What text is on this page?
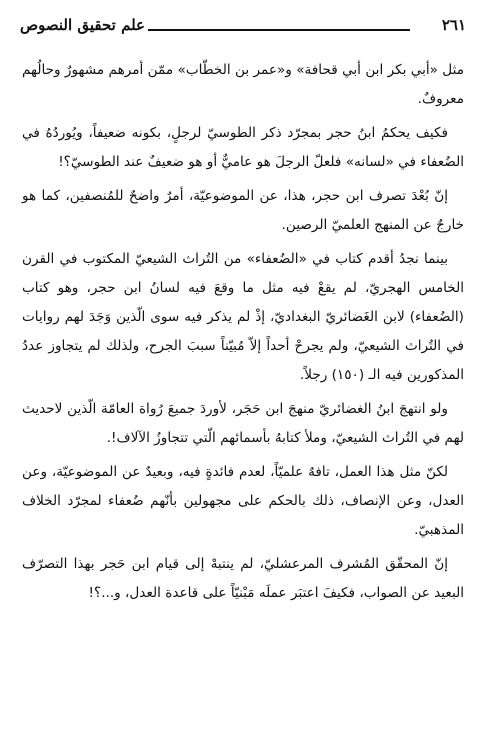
علم تحقيق النصوص	٢٦١

مثل «أبي بكر ابن أبي قحافة» و«عمر بن الخطّاب» ممّن أمرهم مشهورٌ وحالُهم معروفٌ.

فكيف يحكمُ ابنُ حجر بمجرّد ذكر الطوسيّ لرجلٍ، بكونه ضعيفاً، ويُوردُهُ في الضُعفاء في «لسانه» فلعلّ الرجلَ هو عاميٌّ أو هو ضعيفٌ عند الطوسيّ؟!

إنّ بُعْدَ تصرف ابن حجر، هذا، عن الموضوعيّة، أمرٌ واضحٌ للمُنصفين، كما هو خارجٌ عن المنهج العلميّ الرصين.

بينما نجدُ أقدم كتاب في «الضُعفاء» من التُراث الشيعيّ المكتوب في القرن الخامس الهجريّ، لم يقعْ فيه مثل ما وقعَ فيه لسانُ ابن حجر، وهو كتاب (الضُعفاء) لابن الغَضائريّ البغداديّ، إذْ لم يذكر فيه سوى الّذين وَجَدَ لهم روايات في التُراث الشيعيّ، ولم يجرحْ أحداً إلاّ مُبيّناً سببَ الجرح، ولذلك لم يتجاوز عددُ المذكورين فيه الـ (١٥٠) رجلاً.

ولو انتهجَ ابنُ الغضائريّ منهجَ ابن حَجَر، لأوردَ جميعَ رُواة العامّة الّذين لاحديث لهم في التُراث الشيعيّ، وملأ كتابهُ بأسمائهم الّتي تتجاوزُ الآلاف!.

لكنّ مثل هذا العمل، تافهٌ علميّاً، لعدم فائدةٍ فيه، وبعيدٌ عن الموضوعيّة، وعن العدل، وعن الإنصاف، ذلك بالحكم على مجهولين بأنّهم ضُعفاء لمجرّد الخلاف المذهبيّ.

إنّ المحقّق المُشرف المرعشليّ، لم ينتبهْ إلى قيام ابن حَجر بهذا التصرّف البعيد عن الصواب، فكيفَ اعتبَر عملَه مَبْنيّاً على قاعدة العدل، و...؟!
